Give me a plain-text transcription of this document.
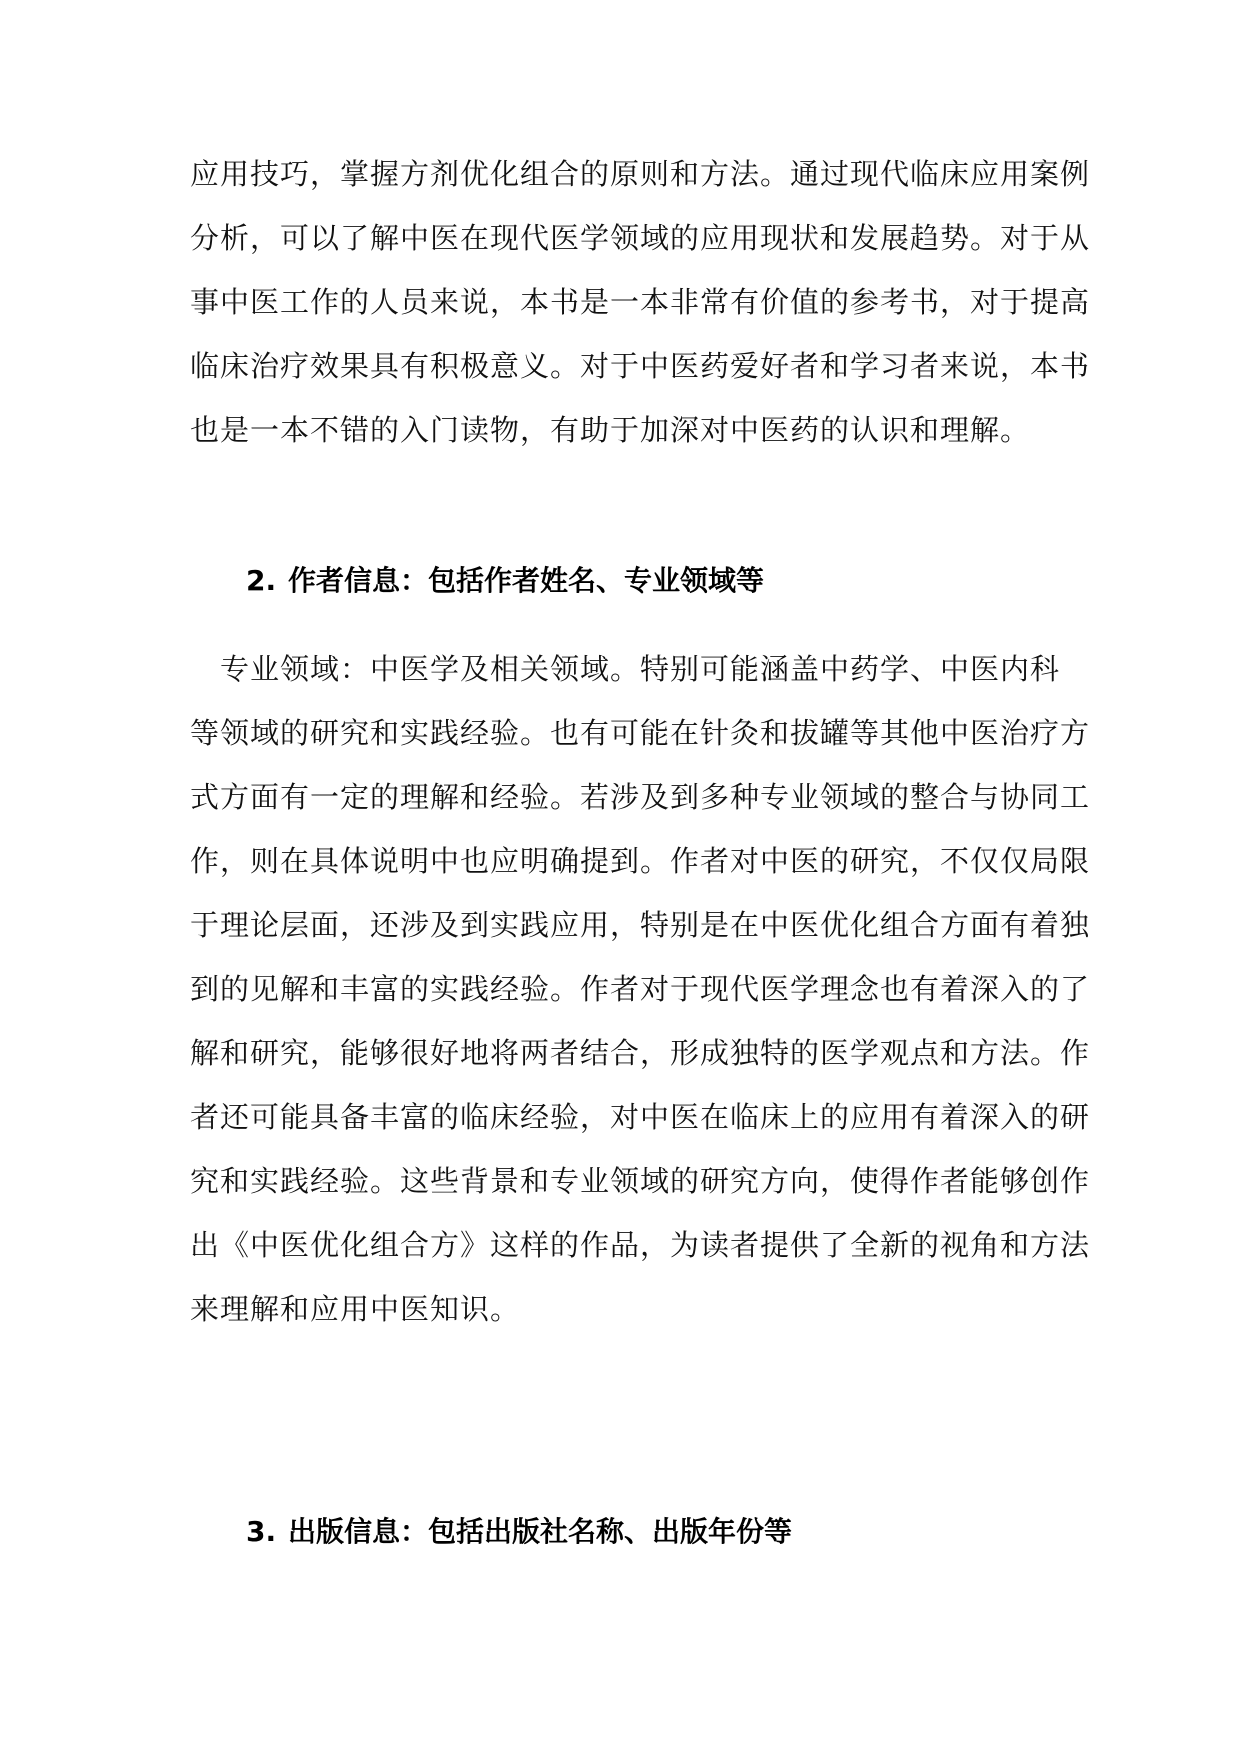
应用技巧，掌握方剂优化组合的原则和方法。通过现代临床应用案例
分析，可以了解中医在现代医学领域的应用现状和发展趋势。对于从
事中医工作的人员来说，本书是一本非常有价值的参考书，对于提高
临床治疗效果具有积极意义。对于中医药爱好者和学习者来说，本书
也是一本不错的入门读物，有助于加深对中医药的认识和理解。
2. 作者信息：包括作者姓名、专业领域等
　专业领域：中医学及相关领域。特别可能涵盖中药学、中医内科
等领域的研究和实践经验。也有可能在针灸和拔罐等其他中医治疗方
式方面有一定的理解和经验。若涉及到多种专业领域的整合与协同工
作，则在具体说明中也应明确提到。作者对中医的研究，不仅仅局限
于理论层面，还涉及到实践应用，特别是在中医优化组合方面有着独
到的见解和丰富的实践经验。作者对于现代医学理念也有着深入的了
解和研究，能够很好地将两者结合，形成独特的医学观点和方法。作
者还可能具备丰富的临床经验，对中医在临床上的应用有着深入的研
究和实践经验。这些背景和专业领域的研究方向，使得作者能够创作
出《中医优化组合方》这样的作品，为读者提供了全新的视角和方法
来理解和应用中医知识。
3. 出版信息：包括出版社名称、出版年份等
